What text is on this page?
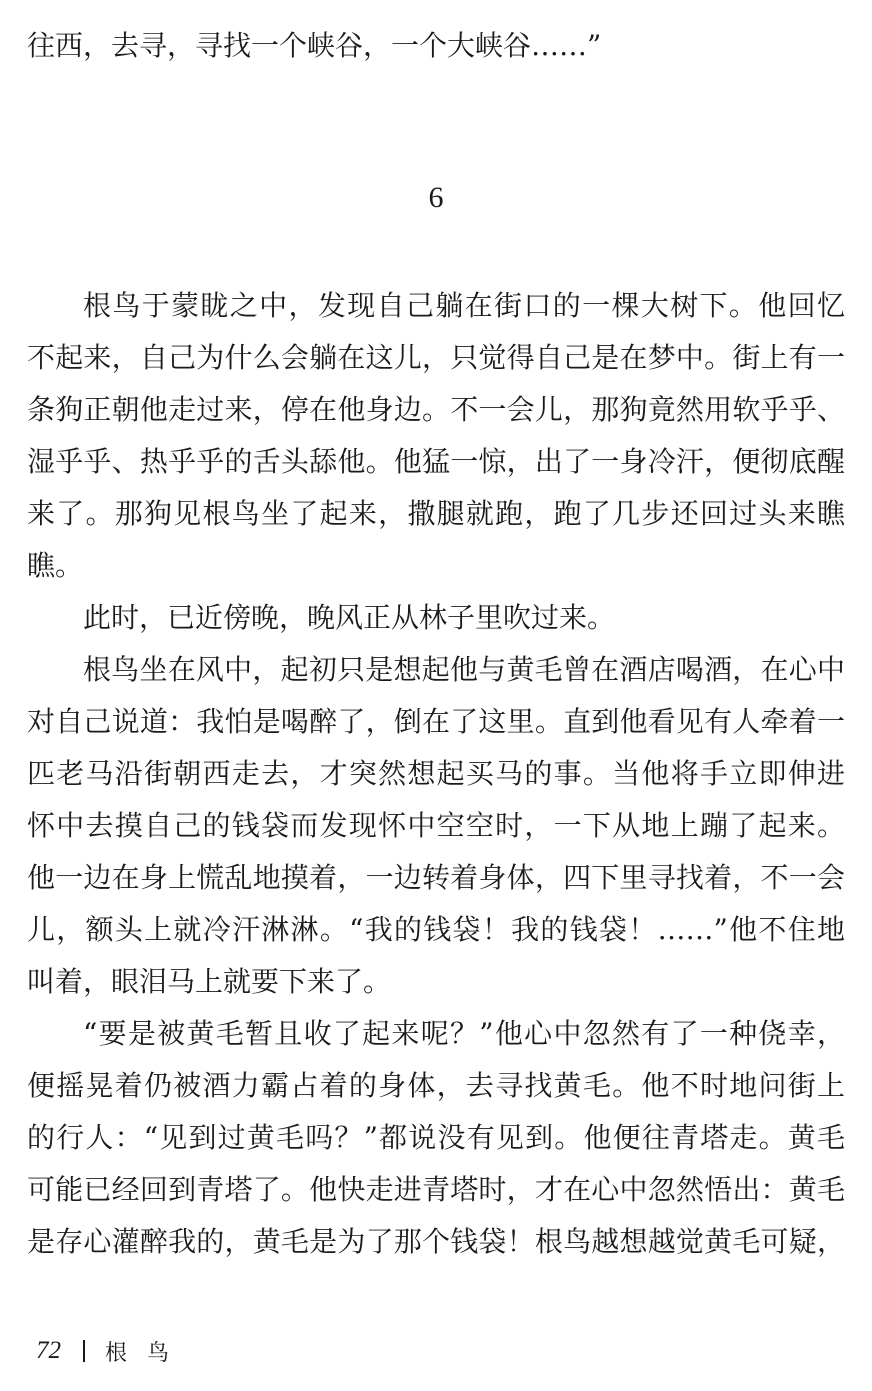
往西，去寻，寻找一个峡谷，一个大峡谷……”
6
根鸟于蒙眬之中，发现自己躺在街口的一棵大树下。他回忆
不起来，自己为什么会躺在这儿，只觉得自己是在梦中。街上有一
条狗正朝他走过来，停在他身边。不一会儿，那狗竟然用软乎乎、
湿乎乎、热乎乎的舌头舔他。他猛一惊，出了一身冷汗，便彻底醒
来了。那狗见根鸟坐了起来，撒腿就跑，跑了几步还回过头来瞧
瞧。
此时，已近傍晚，晚风正从林子里吹过来。
根鸟坐在风中，起初只是想起他与黄毛曾在酒店喝酒，在心中
对自己说道：我怕是喝醉了，倒在了这里。直到他看见有人牵着一
匹老马沿街朝西走去，才突然想起买马的事。当他将手立即伸进
怀中去摸自己的钱袋而发现怀中空空时，一下从地上蹦了起来。
他一边在身上慌乱地摸着，一边转着身体，四下里寻找着，不一会
儿，额头上就冷汗淋淋。“我的钱袋！我的钱袋！……”他不住地
叫着，眼泪马上就要下来了。
“要是被黄毛暂且收了起来呢？”他心中忽然有了一种侥幸，
便摇晃着仍被酒力霸占着的身体，去寻找黄毛。他不时地问街上
的行人：“见到过黄毛吗？”都说没有见到。他便往青塔走。黄毛
可能已经回到青塔了。他快走进青塔时，才在心中忽然悟出：黄毛
是存心灌醉我的，黄毛是为了那个钱袋！根鸟越想越觉黄毛可疑，
72 根鸟
